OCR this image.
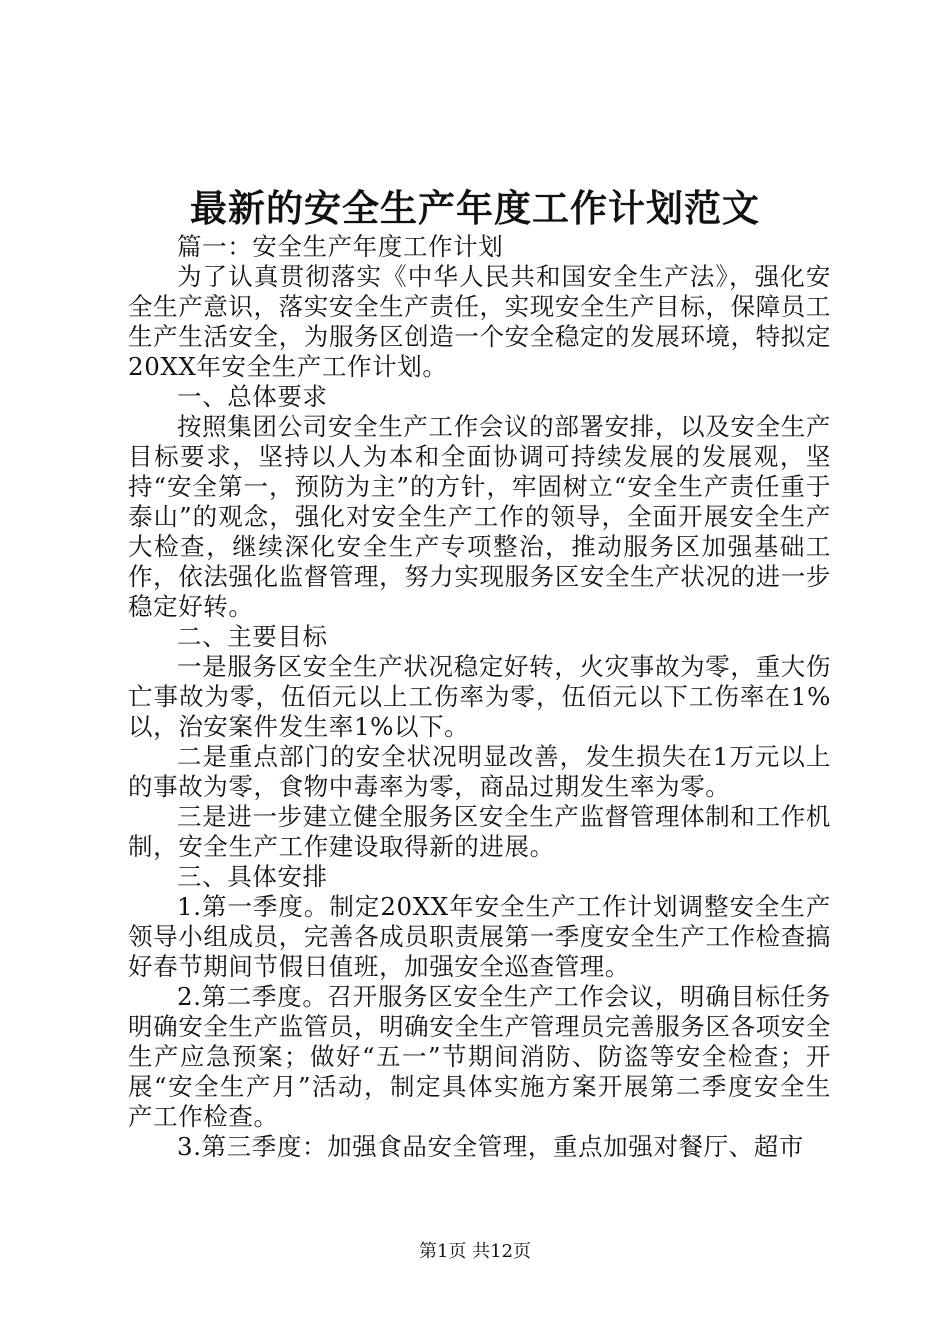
最新的安全生产年度工作计划范文

篇一：安全生产年度工作计划

为了认真贯彻落实《中华人民共和国安全生产法》，强化安全生产意识，落实安全生产责任，实现安全生产目标，保障员工生产生活安全，为服务区创造一个安全稳定的发展环境，特拟定20XX年安全生产工作计划。

一、总体要求

按照集团公司安全生产工作会议的部署安排，以及安全生产目标要求，坚持以人为本和全面协调可持续发展的发展观，坚持“安全第一，预防为主”的方针，牢固树立“安全生产责任重于泰山”的观念，强化对安全生产工作的领导，全面开展安全生产大检查，继续深化安全生产专项整治，推动服务区加强基础工作，依法强化监督管理，努力实现服务区安全生产状况的进一步稳定好转。

二、主要目标

一是服务区安全生产状况稳定好转，火灾事故为零，重大伤亡事故为零，伍佰元以上工伤率为零，伍佰元以下工伤率在1%以，治安案件发生率1%以下。

二是重点部门的安全状况明显改善，发生损失在1万元以上的事故为零，食物中毒率为零，商品过期发生率为零。

三是进一步建立健全服务区安全生产监督管理体制和工作机制，安全生产工作建设取得新的进展。

三、具体安排

1.第一季度。制定20XX年安全生产工作计划调整安全生产领导小组成员，完善各成员职责展第一季度安全生产工作检查搞好春节期间节假日值班，加强安全巡查管理。

2.第二季度。召开服务区安全生产工作会议，明确目标任务明确安全生产监管员，明确安全生产管理员完善服务区各项安全生产应急预案；做好“五一”节期间消防、防盗等安全检查；开展“安全生产月”活动，制定具体实施方案开展第二季度安全生产工作检查。

3.第三季度：加强食品安全管理，重点加强对餐厅、超市

第1页 共12页
